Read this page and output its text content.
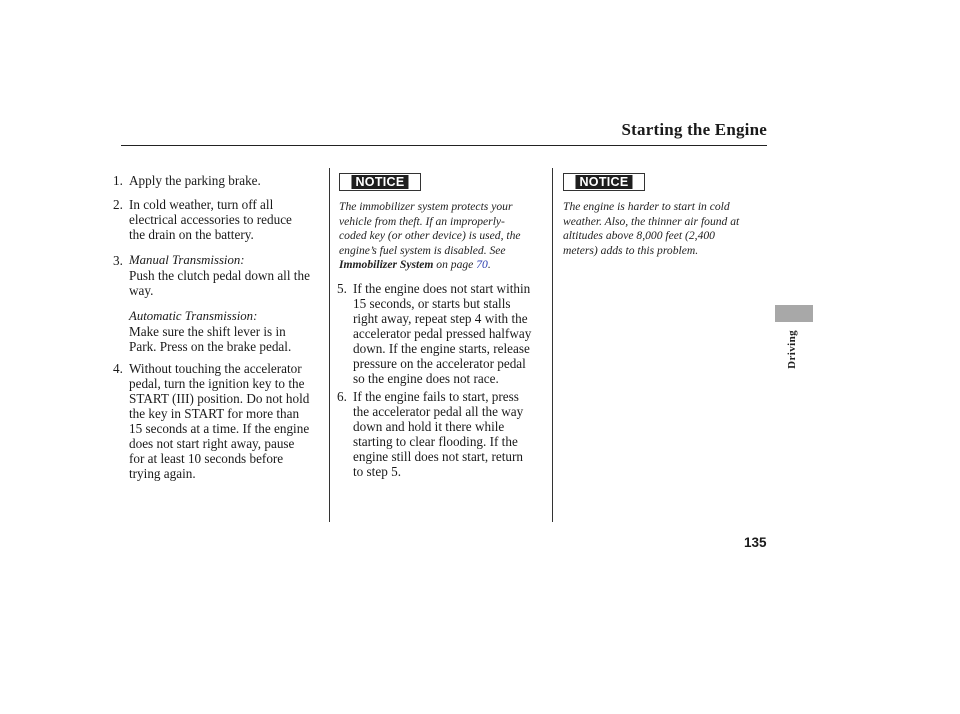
Starting the Engine
1. Apply the parking brake.
2. In cold weather, turn off all
electrical accessories to reduce
the drain on the battery.
3. Manual Transmission:
Push the clutch pedal down all the
way.
Automatic Transmission:
Make sure the shift lever is in
Park. Press on the brake pedal.
4. Without touching the accelerator
pedal, turn the ignition key to the
START (III) position. Do not hold
the key in START for more than
15 seconds at a time. If the engine
does not start right away, pause
for at least 10 seconds before
trying again.
NOTICE
The immobilizer system protects your
vehicle from theft. If an improperly-
coded key (or other device) is used, the
engine’s fuel system is disabled. See
Immobilizer System on page 70.
5. If the engine does not start within
15 seconds, or starts but stalls
right away, repeat step 4 with the
accelerator pedal pressed halfway
down. If the engine starts, release
pressure on the accelerator pedal
so the engine does not race.
6. If the engine fails to start, press
the accelerator pedal all the way
down and hold it there while
starting to clear flooding. If the
engine still does not start, return
to step 5.
NOTICE
The engine is harder to start in cold
weather. Also, the thinner air found at
altitudes above 8,000 feet (2,400
meters) adds to this problem.
Driving
135
